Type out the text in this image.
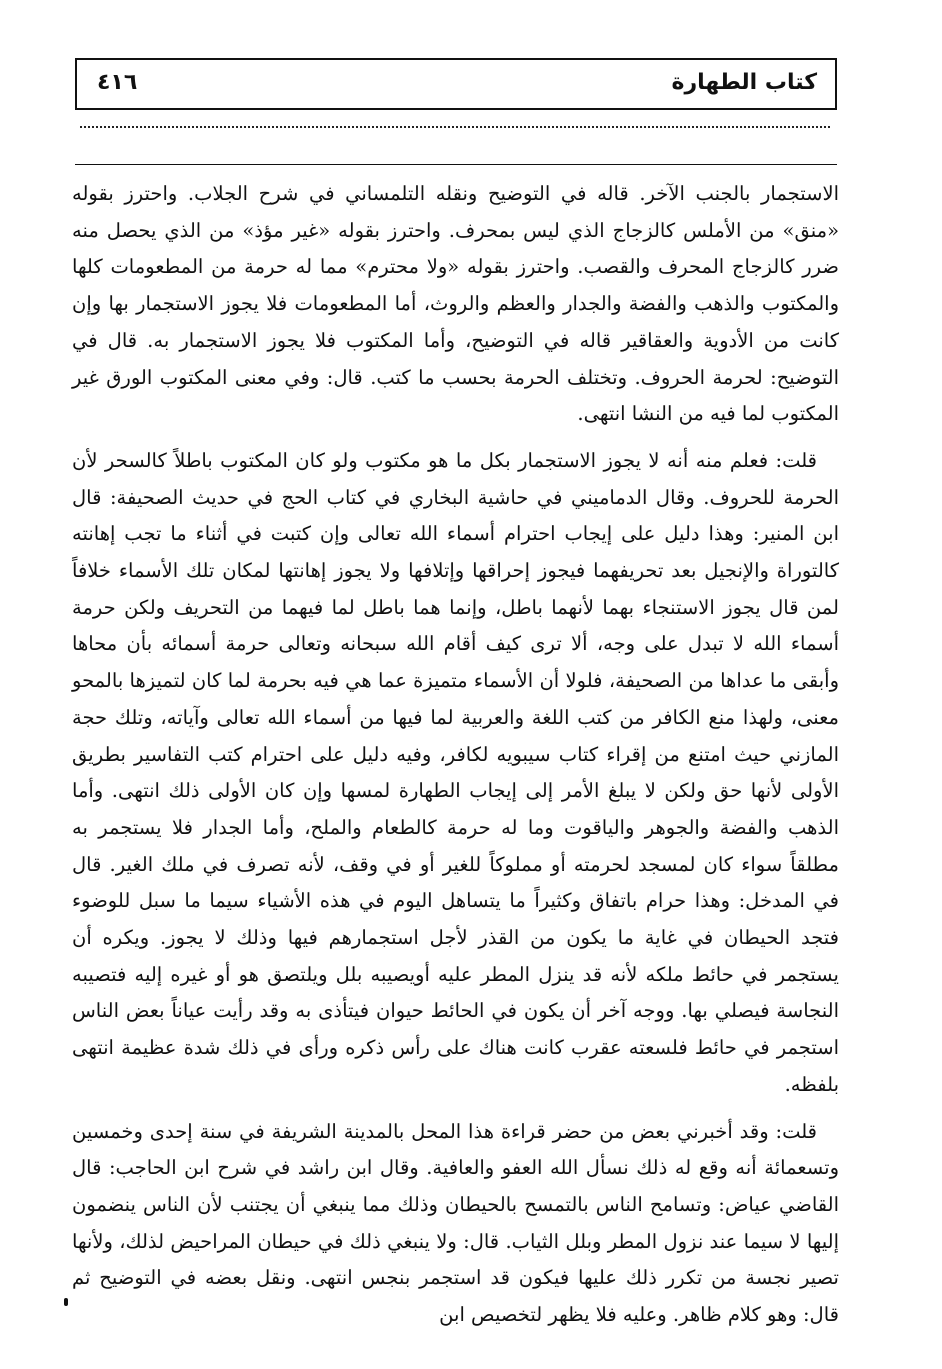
كتاب الطهارة
٤١٦

الاستجمار بالجنب الآخر. قاله في التوضيح ونقله التلمساني في شرح الجلاب. واحترز بقوله «منق» من الأملس كالزجاج الذي ليس بمحرف. واحترز بقوله «غير مؤذ» من الذي يحصل منه ضرر كالزجاج المحرف والقصب. واحترز بقوله «ولا محترم» مما له حرمة من المطعومات كلها والمكتوب والذهب والفضة والجدار والعظم والروث، أما المطعومات فلا يجوز الاستجمار بها وإن كانت من الأدوية والعقاقير قاله في التوضيح، وأما المكتوب فلا يجوز الاستجمار به. قال في التوضيح: لحرمة الحروف. وتختلف الحرمة بحسب ما كتب. قال: وفي معنى المكتوب الورق غير المكتوب لما فيه من النشا انتهى.

قلت: فعلم منه أنه لا يجوز الاستجمار بكل ما هو مكتوب ولو كان المكتوب باطلاً كالسحر لأن الحرمة للحروف. وقال الدماميني في حاشية البخاري في كتاب الحج في حديث الصحيفة: قال ابن المنير: وهذا دليل على إيجاب احترام أسماء الله تعالى وإن كتبت في أثناء ما تجب إهانته كالتوراة والإنجيل بعد تحريفهما فيجوز إحراقها وإتلافها ولا يجوز إهانتها لمكان تلك الأسماء خلافاً لمن قال يجوز الاستنجاء بهما لأنهما باطل، وإنما هما باطل لما فيهما من التحريف ولكن حرمة أسماء الله لا تبدل على وجه، ألا ترى كيف أقام الله سبحانه وتعالى حرمة أسمائه بأن محاها وأبقى ما عداها من الصحيفة، فلولا أن الأسماء متميزة عما هي فيه بحرمة لما كان لتميزها بالمحو معنى، ولهذا منع الكافر من كتب اللغة والعربية لما فيها من أسماء الله تعالى وآياته، وتلك حجة المازني حيث امتنع من إقراء كتاب سيبويه لكافر، وفيه دليل على احترام كتب التفاسير بطريق الأولى لأنها حق ولكن لا يبلغ الأمر إلى إيجاب الطهارة لمسها وإن كان الأولى ذلك انتهى. وأما الذهب والفضة والجوهر والياقوت وما له حرمة كالطعام والملح، وأما الجدار فلا يستجمر به مطلقاً سواء كان لمسجد لحرمته أو مملوكاً للغير أو في وقف، لأنه تصرف في ملك الغير. قال في المدخل: وهذا حرام باتفاق وكثيراً ما يتساهل اليوم في هذه الأشياء سيما ما سبل للوضوء فتجد الحيطان في غاية ما يكون من القذر لأجل استجمارهم فيها وذلك لا يجوز. ويكره أن يستجمر في حائط ملكه لأنه قد ينزل المطر عليه أويصيبه بلل ويلتصق هو أو غيره إليه فتصيبه النجاسة فيصلي بها. ووجه آخر أن يكون في الحائط حيوان فيتأذى به وقد رأيت عياناً بعض الناس استجمر في حائط فلسعته عقرب كانت هناك على رأس ذكره ورأى في ذلك شدة عظيمة انتهى بلفظه.

قلت: وقد أخبرني بعض من حضر قراءة هذا المحل بالمدينة الشريفة في سنة إحدى وخمسين وتسعمائة أنه وقع له ذلك نسأل الله العفو والعافية. وقال ابن راشد في شرح ابن الحاجب: قال القاضي عياض: وتسامح الناس بالتمسح بالحيطان وذلك مما ينبغي أن يجتنب لأن الناس ينضمون إليها لا سيما عند نزول المطر وبلل الثياب. قال: ولا ينبغي ذلك في حيطان المراحيض لذلك، ولأنها تصير نجسة من تكرر ذلك عليها فيكون قد استجمر بنجس انتهى. ونقل بعضه في التوضيح ثم قال: وهو كلام ظاهر. وعليه فلا يظهر لتخصيص ابن
